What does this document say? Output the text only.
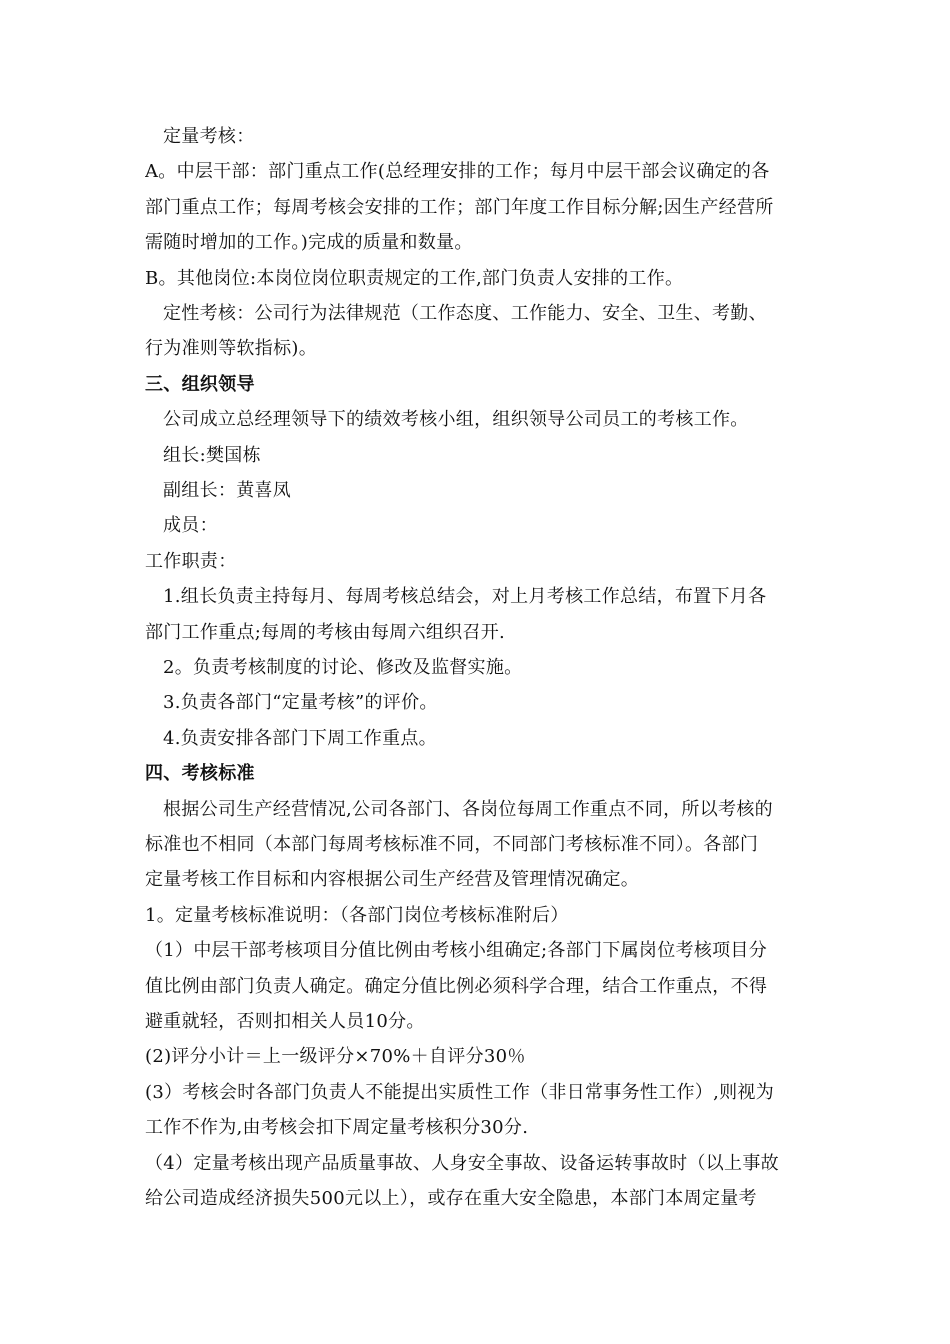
定量考核：
A。中层干部：部门重点工作(总经理安排的工作；每月中层干部会议确定的各
部门重点工作；每周考核会安排的工作；部门年度工作目标分解;因生产经营所
需随时增加的工作。)完成的质量和数量。
B。其他岗位:本岗位岗位职责规定的工作,部门负责人安排的工作。
定性考核：公司行为法律规范（工作态度、工作能力、安全、卫生、考勤、
行为准则等软指标)。
三、组织领导
公司成立总经理领导下的绩效考核小组，组织领导公司员工的考核工作。
组长:樊国栋
副组长：黄喜凤
成员：
工作职责：
1.组长负责主持每月、每周考核总结会，对上月考核工作总结，布置下月各
部门工作重点;每周的考核由每周六组织召开.
2。负责考核制度的讨论、修改及监督实施。
3.负责各部门“定量考核”的评价。
4.负责安排各部门下周工作重点。
四、考核标准
根据公司生产经营情况,公司各部门、各岗位每周工作重点不同，所以考核的
标准也不相同（本部门每周考核标准不同，不同部门考核标准不同）。各部门
定量考核工作目标和内容根据公司生产经营及管理情况确定。
1。定量考核标准说明：（各部门岗位考核标准附后）
（1）中层干部考核项目分值比例由考核小组确定;各部门下属岗位考核项目分
值比例由部门负责人确定。确定分值比例必须科学合理，结合工作重点，不得
避重就轻，否则扣相关人员10分。
(2)评分小计＝上一级评分×70%＋自评分30％
(3）考核会时各部门负责人不能提出实质性工作（非日常事务性工作）,则视为
工作不作为,由考核会扣下周定量考核积分30分.
（4）定量考核出现产品质量事故、人身安全事故、设备运转事故时（以上事故
给公司造成经济损失500元以上），或存在重大安全隐患，本部门本周定量考
